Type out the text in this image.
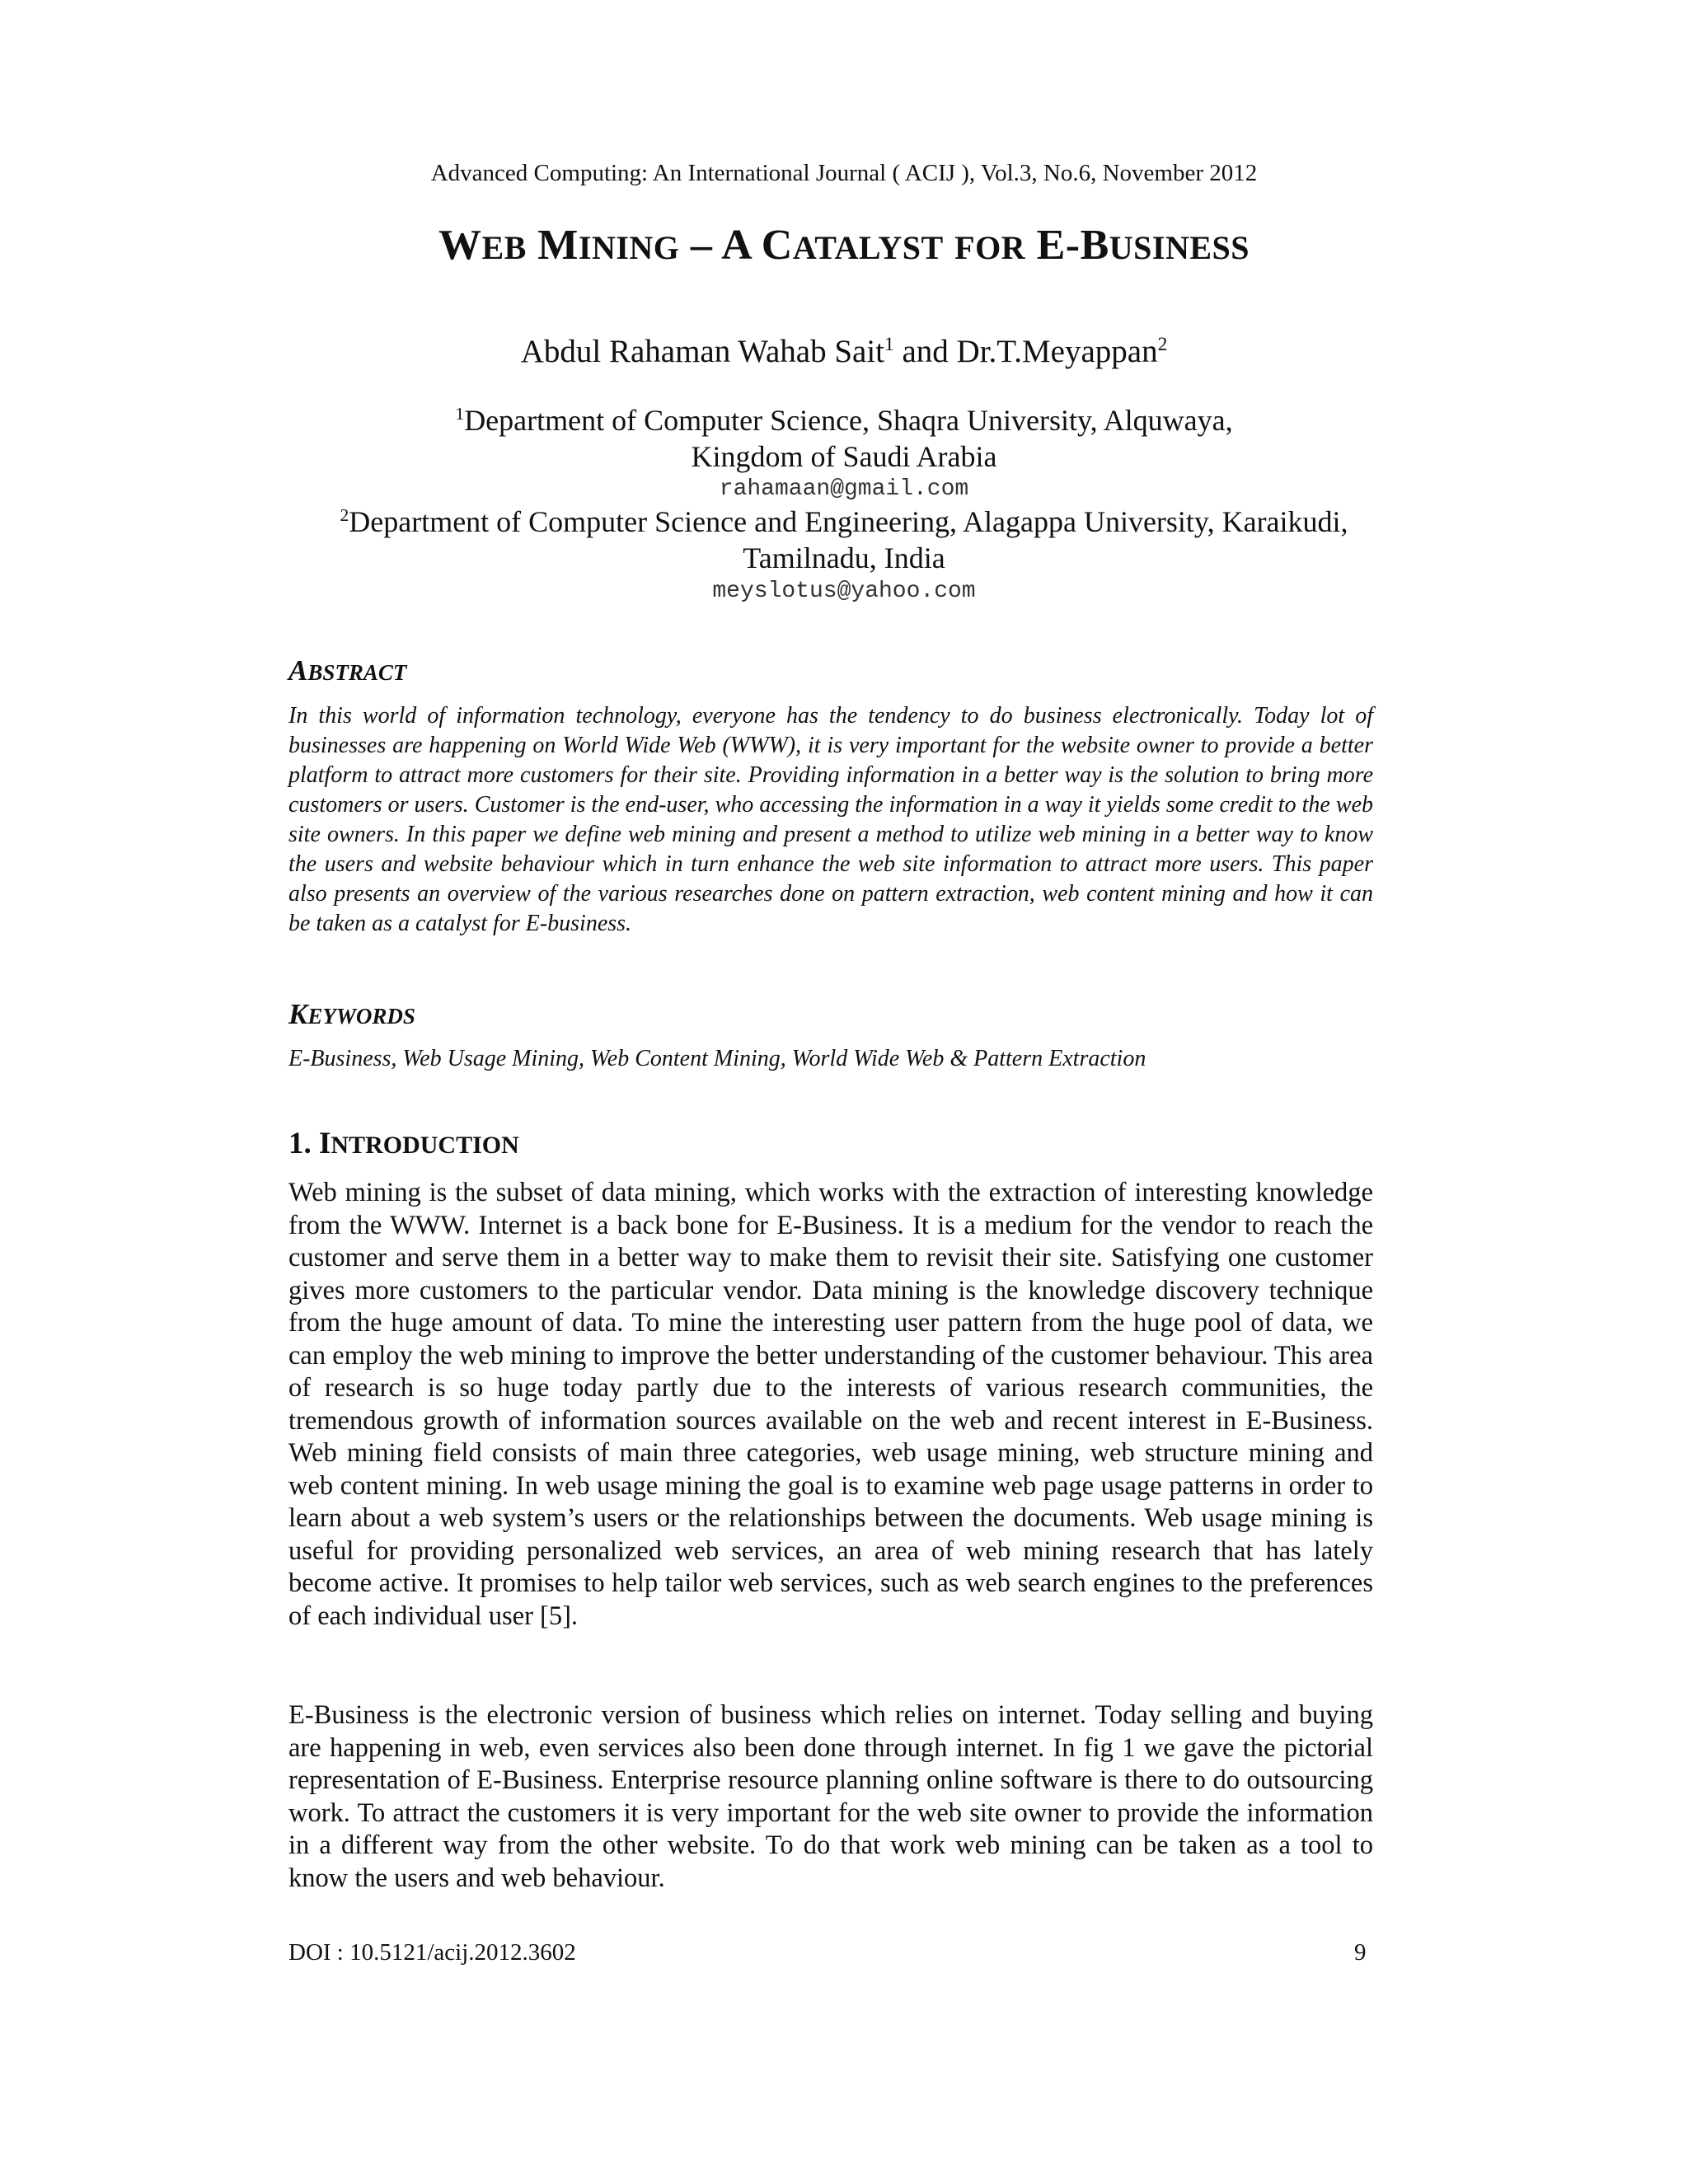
Advanced Computing: An International Journal ( ACIJ ), Vol.3, No.6, November 2012
WEB MINING – A CATALYST FOR E-BUSINESS
Abdul Rahaman Wahab Sait$^1$ and Dr.T.Meyappan$^2$
$^1$Department of Computer Science, Shaqra University, Alquwaya,
Kingdom of Saudi Arabia
rahamaan@gmail.com
$^2$Department of Computer Science and Engineering, Alagappa University, Karaikudi,
Tamilnadu, India
meyslotus@yahoo.com
ABSTRACT
In this world of information technology, everyone has the tendency to do business electronically. Today lot of businesses are happening on World Wide Web (WWW), it is very important for the website owner to provide a better platform to attract more customers for their site. Providing information in a better way is the solution to bring more customers or users. Customer is the end-user, who accessing the information in a way it yields some credit to the web site owners. In this paper we define web mining and present a method to utilize web mining in a better way to know the users and website behaviour which in turn enhance the web site information to attract more users. This paper also presents an overview of the various researches done on pattern extraction, web content mining and how it can be taken as a catalyst for E-business.
KEYWORDS
E-Business, Web Usage Mining, Web Content Mining, World Wide Web & Pattern Extraction
1. INTRODUCTION
Web mining is the subset of data mining, which works with the extraction of interesting knowledge from the WWW. Internet is a back bone for E-Business. It is a medium for the vendor to reach the customer and serve them in a better way to make them to revisit their site. Satisfying one customer gives more customers to the particular vendor. Data mining is the knowledge discovery technique from the huge amount of data. To mine the interesting user pattern from the huge pool of data, we can employ the web mining to improve the better understanding of the customer behaviour. This area of research is so huge today partly due to the interests of various research communities, the tremendous growth of information sources available on the web and recent interest in E-Business. Web mining field consists of main three categories, web usage mining, web structure mining and web content mining. In web usage mining the goal is to examine web page usage patterns in order to learn about a web system’s users or the relationships between the documents. Web usage mining is useful for providing personalized web services, an area of web mining research that has lately become active. It promises to help tailor web services, such as web search engines to the preferences of each individual user [5].
E-Business is the electronic version of business which relies on internet. Today selling and buying are happening in web, even services also been done through internet. In fig 1 we gave the pictorial representation of E-Business. Enterprise resource planning online software is there to do outsourcing work. To attract the customers it is very important for the web site owner to provide the information in a different way from the other website. To do that work web mining can be taken as a tool to know the users and web behaviour.
DOI : 10.5121/acij.2012.3602	9
